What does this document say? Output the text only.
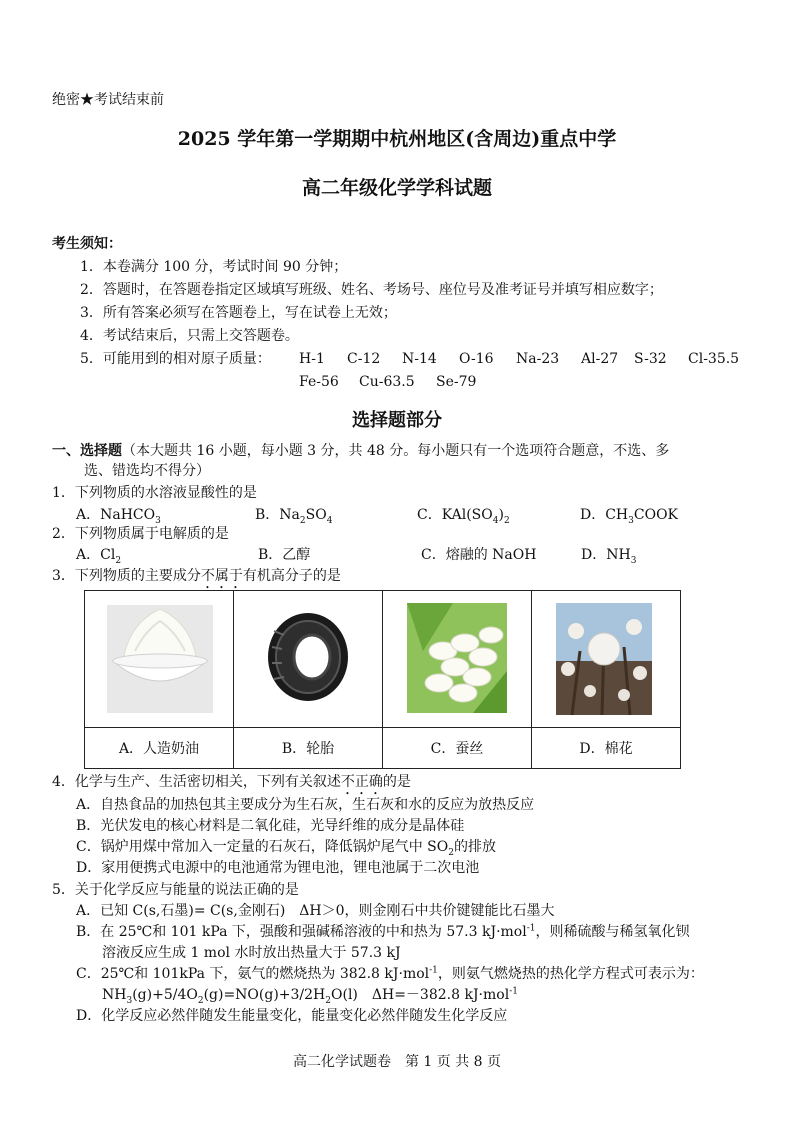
绝密★考试结束前
2025 学年第一学期期中杭州地区(含周边)重点中学
高二年级化学学科试题
考生须知：
1．本卷满分 100 分，考试时间 90 分钟；
2．答题时，在答题卷指定区域填写班级、姓名、考场号、座位号及准考证号并填写相应数字；
3．所有答案必须写在答题卷上，写在试卷上无效；
4．考试结束后，只需上交答题卷。
5．可能用到的相对原子质量： H-1 C-12 N-14 O-16 Na-23 Al-27 S-32 Cl-35.5
Fe-56 Cu-63.5 Se-79
选择题部分
一、选择题（本大题共 16 小题，每小题 3 分，共 48 分。每小题只有一个选项符合题意，不选、多
选、错选均不得分）
1．下列物质的水溶液显酸性的是
A．NaHCO$_3$	B．$Na_2SO_4$	C．$KAl(SO_4)_2$	D．$CH_3COOK$
2．下列物质属于电解质的是
A．$Cl_2$	B．乙醇	C．熔融的 NaOH	D．$NH_3$
3．下列物质的主要成分不属于有机高分子的是

A．人造奶油	B．轮胎	C．蚕丝	D．棉花
4．化学与生产、生活密切相关，下列有关叙述不正确的是
A．自热食品的加热包其主要成分为生石灰，生石灰和水的反应为放热反应
B．光伏发电的核心材料是二氧化硅，光导纤维的成分是晶体硅
C．锅炉用煤中常加入一定量的石灰石，降低锅炉尾气中 $SO_2$的排放
D．家用便携式电源中的电池通常为锂电池，锂电池属于二次电池
5．关于化学反应与能量的说法正确的是
A．已知 C(s,石墨)= C(s,金刚石)　ΔH＞0，则金刚石中共价键键能比石墨大
B．在 25℃和 101 kPa 下，强酸和强碱稀溶液的中和热为 57.3 kJ·mol$^{-1}$，则稀硫酸与稀氢氧化钡
溶液反应生成 1 mol 水时放出热量大于 57.3 kJ
C．25℃和 101kPa 下，氨气的燃烧热为 382.8 kJ·mol$^{-1}$，则氨气燃烧热的热化学方程式可表示为：
$NH_3(g)+5/4O_2(g)=NO(g)+3/2H_2O(l)$　ΔH=－382.8 kJ·mol$^{-1}$
D．化学反应必然伴随发生能量变化，能量变化必然伴随发生化学反应
高二化学试题卷　第 1 页 共 8 页
